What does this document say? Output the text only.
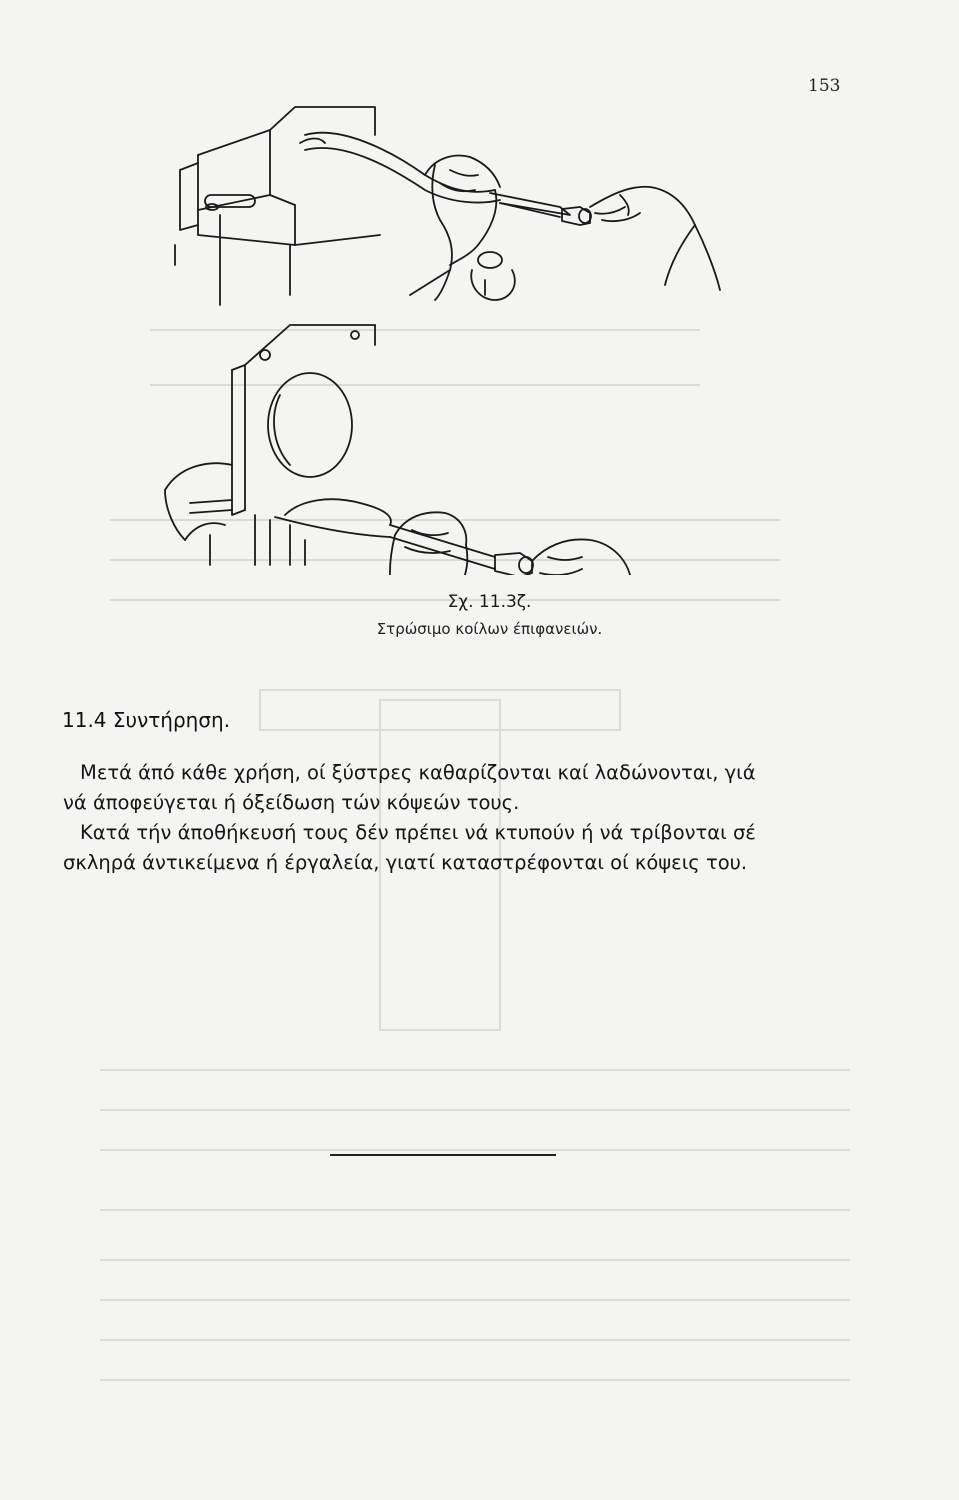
153
Σχ. 11.3ζ.
Στρώσιμο κοίλων έπιφανειών.
11.4 Συντήρηση.

Μετά άπό κάθε χρήση, οί ξύστρες καθαρίζονται καί λαδώνονται, γιά

νά άποφεύγεται ή όξείδωση τών κόψεών τους.

Κατά τήν άποθήκευσή τους δέν πρέπει νά κτυπούν ή νά τρίβονται σέ

σκληρά άντικείμενα ή έργαλεία, γιατί καταστρέφονται οί κόψεις του.
